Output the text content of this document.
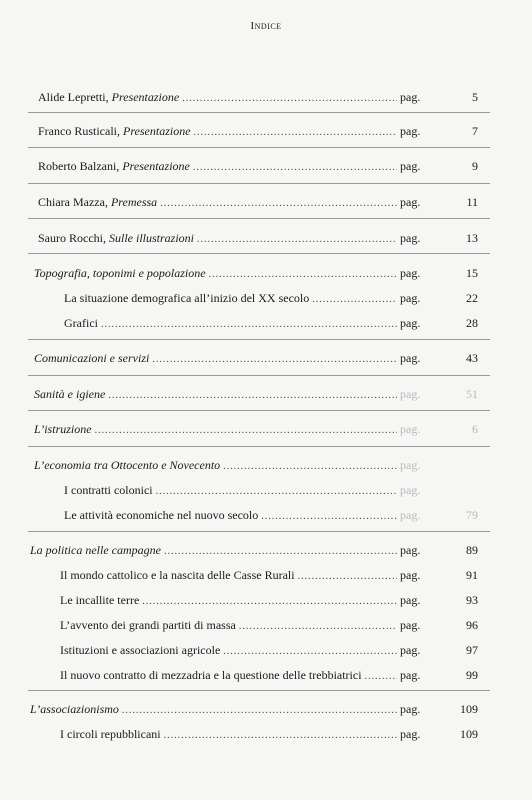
Indice
Alide Lepretti, Presentazione .....	pag.	5
Franco Rusticali, Presentazione .....	pag.	7
Roberto Balzani, Presentazione .....	pag.	9
Chiara Mazza, Premessa .....	pag.	11
Sauro Rocchi, Sulle illustrazioni .....	pag.	13
Topografia, toponimi e popolazione .....	pag.	15
La situazione demografica all’inizio del XX secolo .....	pag.	22
Grafici .....	pag.	28
Comunicazioni e servizi .....	pag.	43
Sanità e igiene .....	pag.	51
L’istruzione .....	pag.	6
L’economia tra Ottocento e Novecento .....	pag.
I contratti colonici .....	pag.
Le attività economiche nel nuovo secolo .....	pag.	79
La politica nelle campagne .....	pag.	89
Il mondo cattolico e la nascita delle Casse Rurali .....	pag.	91
Le incallite terre .....	pag.	93
L’avvento dei grandi partiti di massa .....	pag.	96
Istituzioni e associazioni agricole .....	pag.	97
Il nuovo contratto di mezzadria e la questione delle trebbiatrici .....	pag.	99
L’associazionismo .....	pag.	109
I circoli repubblicani .....	pag.	109
